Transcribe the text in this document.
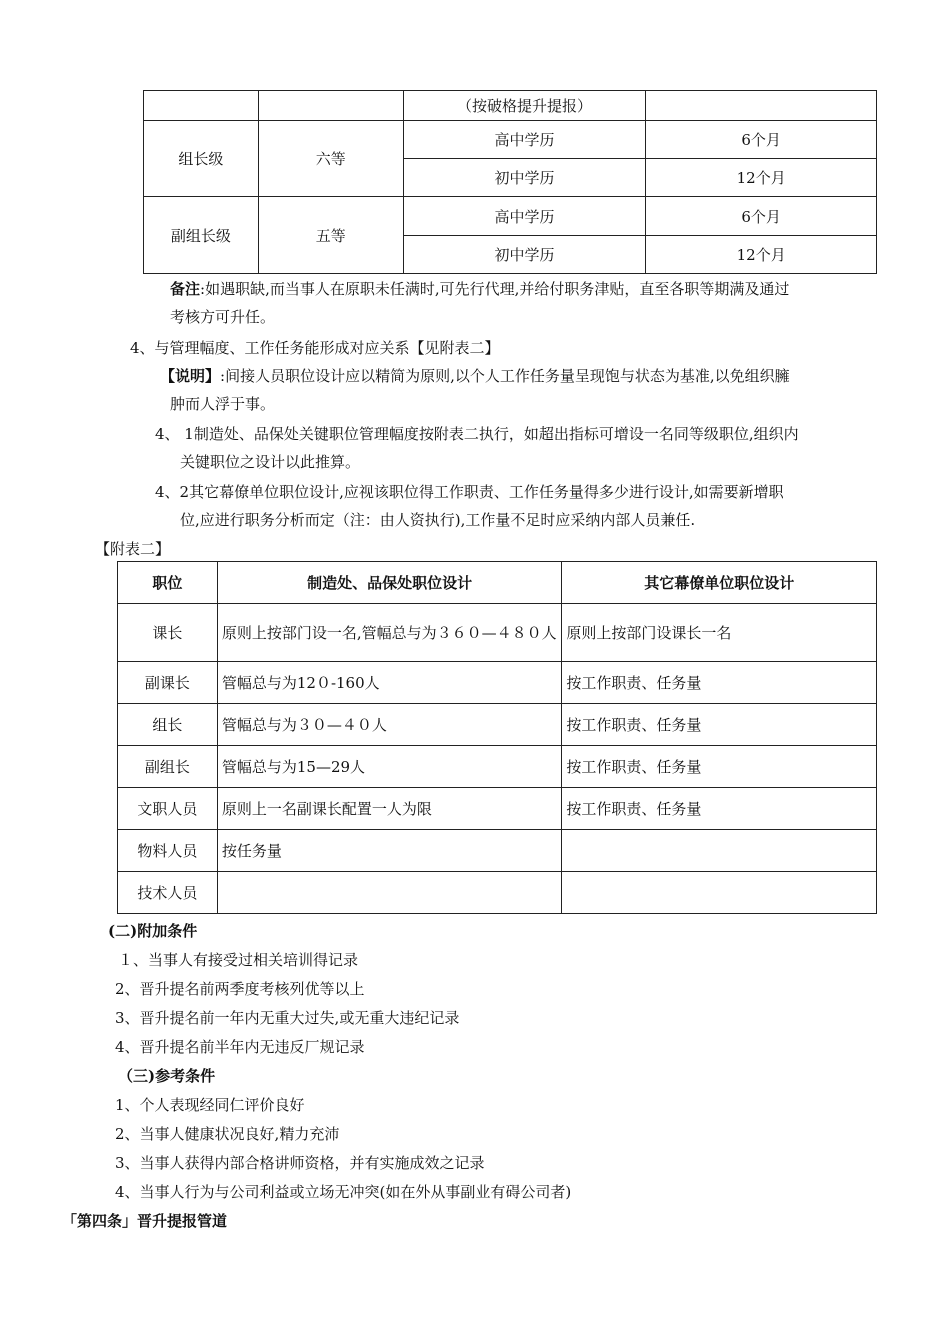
		（按破格提升提报）	
组长级	六等	高中学历	6个月
		初中学历	12个月
副组长级	五等	高中学历	6个月
		初中学历	12个月
备注:如遇职缺,而当事人在原职未任满时,可先行代理,并给付职务津贴，直至各职等期满及通过
考核方可升任。
4、与管理幅度、工作任务能形成对应关系【见附表二】
【说明】:间接人员职位设计应以精简为原则,以个人工作任务量呈现饱与状态为基准,以免组织臃
肿而人浮于事。
4、 1制造处、品保处关键职位管理幅度按附表二执行，如超出指标可增设一名同等级职位,组织内
关键职位之设计以此推算。
4、2其它幕僚单位职位设计,应视该职位得工作职责、工作任务量得多少进行设计,如需要新增职
位,应进行职务分析而定（注：由人资执行),工作量不足时应采纳内部人员兼任.
【附表二】
职位	制造处、品保处职位设计	其它幕僚单位职位设计
课长	原则上按部门设一名,管幅总与为３６０—４８０人	原则上按部门设课长一名
副课长	管幅总与为12０-160人	按工作职责、任务量
组长	管幅总与为３０—４０人	按工作职责、任务量
副组长	管幅总与为15—29人	按工作职责、任务量
文职人员	原则上一名副课长配置一人为限	按工作职责、任务量
物料人员	按任务量	
技术人员		
(二)附加条件
１、当事人有接受过相关培训得记录
2、晋升提名前两季度考核列优等以上
3、晋升提名前一年内无重大过失,或无重大违纪记录
4、晋升提名前半年内无违反厂规记录
（三)参考条件
1、个人表现经同仁评价良好
2、当事人健康状况良好,精力充沛
3、当事人获得内部合格讲师资格，并有实施成效之记录
4、当事人行为与公司利益或立场无冲突(如在外从事副业有碍公司者)
「第四条」晋升提报管道
